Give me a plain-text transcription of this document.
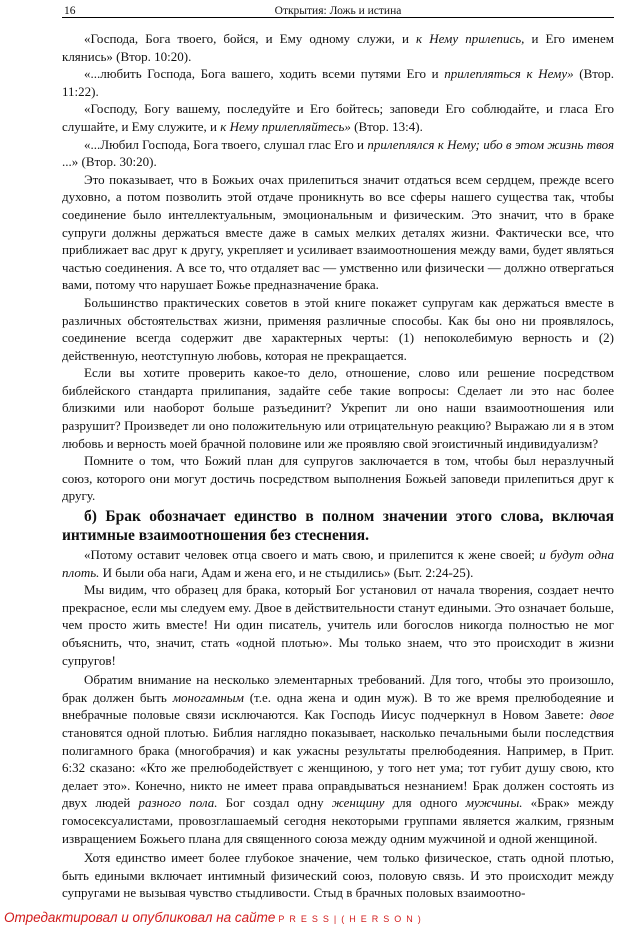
16	Открытия: Ложь и истина

«Господа, Бога твоего, бойся, и Ему одному служи, и к Нему прилепись, и Его именем клянись» (Втор. 10:20).

«...любить Господа, Бога вашего, ходить всеми путями Его и прилепляться к Нему» (Втор. 11:22).

«Господу, Богу вашему, последуйте и Его бойтесь; заповеди Его соблюдайте, и гласа Его слушайте, и Ему служите, и к Нему прилепляйтесь» (Втор. 13:4).

«...Любил Господа, Бога твоего, слушал глас Его и прилеплялся к Нему; ибо в этом жизнь твоя ...» (Втор. 30:20).

Это показывает, что в Божьих очах прилепиться значит отдаться всем сердцем, прежде всего духовно, а потом позволить этой отдаче проникнуть во все сферы нашего существа так, чтобы соединение было интеллектуальным, эмоциональным и физическим. Это значит, что в браке супруги должны держаться вместе даже в самых мелких деталях жизни. Фактически все, что приближает вас друг к другу, укрепляет и усиливает взаимоотношения между вами, будет являться частью соединения. А все то, что отдаляет вас — умственно или физически — должно отвергаться вами, потому что нарушает Божье предназначение брака.

Большинство практических советов в этой книге покажет супругам как держаться вместе в различных обстоятельствах жизни, применяя различные способы. Как бы оно ни проявлялось, соединение всегда содержит две характерных черты: (1) непоколебимую верность и (2) действенную, неотступную любовь, которая не прекращается.

Если вы хотите проверить какое-то дело, отношение, слово или решение посредством библейского стандарта прилипания, задайте себе такие вопросы: Сделает ли это нас более близкими или наоборот больше разъединит? Укрепит ли оно наши взаимоотношения или разрушит? Произведет ли оно положительную или отрицательную реакцию? Выражаю ли я в этом любовь и верность моей брачной половине или же проявляю свой эгоистичный индивидуализм?

Помните о том, что Божий план для супругов заключается в том, чтобы был неразлучный союз, которого они могут достичь посредством выполнения Божьей заповеди прилепиться друг к другу.

б) Брак обозначает единство в полном значении этого слова, включая интимные взаимоотношения без стеснения.

«Потому оставит человек отца своего и мать свою, и прилепится к жене своей; и будут одна плоть. И были оба наги, Адам и жена его, и не стыдились» (Быт. 2:24-25).

Мы видим, что образец для брака, который Бог установил от начала творения, создает нечто прекрасное, если мы следуем ему. Двое в действительности станут едиными. Это означает больше, чем просто жить вместе! Ни один писатель, учитель или богослов никогда полностью не мог объяснить, что, значит, стать «одной плотью». Мы только знаем, что это происходит в жизни супругов!

Обратим внимание на несколько элементарных требований. Для того, чтобы это произошло, брак должен быть моногамным (т.е. одна жена и один муж). В то же время прелюбодеяние и внебрачные половые связи исключаются. Как Господь Иисус подчеркнул в Новом Завете: двое становятся одной плотью. Библия наглядно показывает, насколько печальными были последствия полигамного брака (многобрачия) и как ужасны результаты прелюбодеяния. Например, в Прит. 6:32 сказано: «Кто же прелюбодействует с женщиною, у того нет ума; тот губит душу свою, кто делает это». Конечно, никто не имеет права оправдываться незнанием! Брак должен состоять из двух людей разного пола. Бог создал одну женщину для одного мужчины. «Брак» между гомосексуалистами, провозглашаемый сегодня некоторыми группами является жалким, грязным извращением Божьего плана для священного союза между одним мужчиной и одной женщиной.

Хотя единство имеет более глубокое значение, чем только физическое, стать одной плотью, быть едиными включает интимный физический союз, половую связь. И это происходит между супругами не вызывая чувство стыдливости. Стыд в брачных половых взаимоотно-

Отредактировал и опубликовал на сайте PRESS|(HERSON)
